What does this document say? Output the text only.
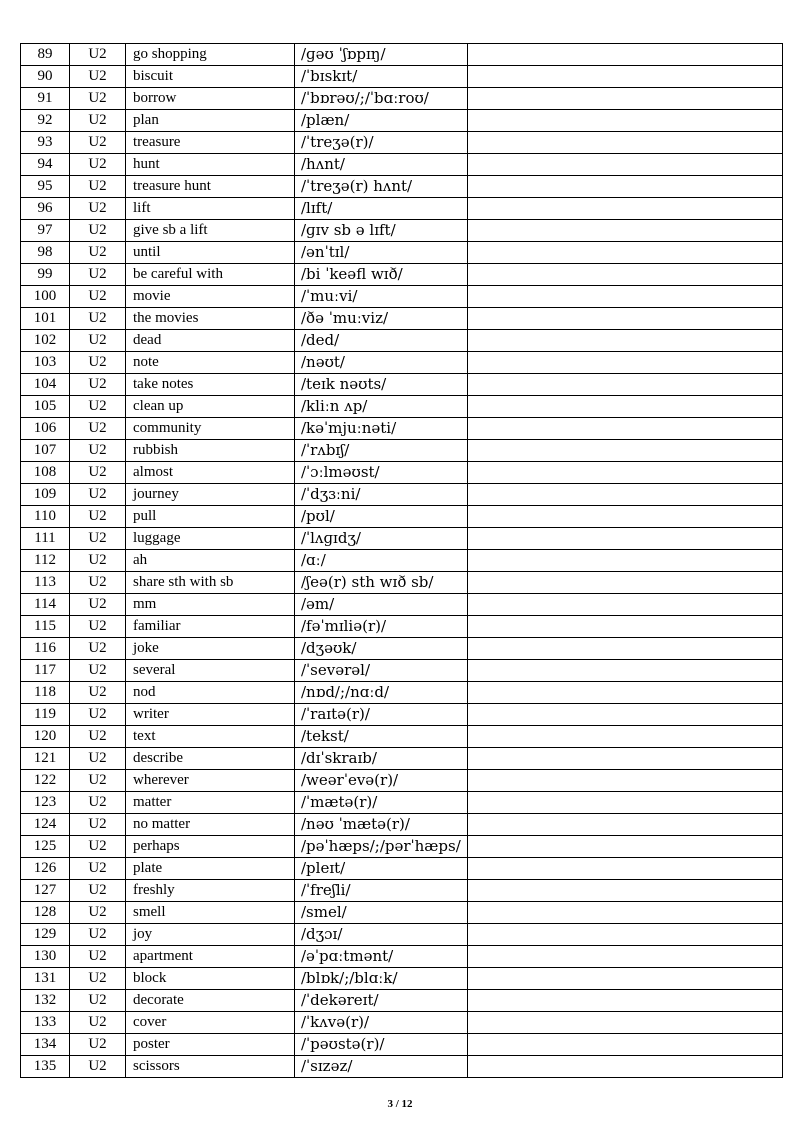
89	U2	go shopping	/ɡəʊ ˈʃɒpɪŋ/	
90	U2	biscuit	/ˈbɪskɪt/	
91	U2	borrow	/ˈbɒrəʊ/;/ˈbɑːroʊ/	
92	U2	plan	/plæn/	
93	U2	treasure	/ˈtreʒə(r)/	
94	U2	hunt	/hʌnt/	
95	U2	treasure hunt	/ˈtreʒə(r) hʌnt/	
96	U2	lift	/lɪft/	
97	U2	give sb a lift	/ɡɪv sb ə lɪft/	
98	U2	until	/ənˈtɪl/	
99	U2	be careful with	/bi ˈkeəfl wɪð/	
100	U2	movie	/ˈmuːvi/	
101	U2	the movies	/ðə ˈmuːviz/	
102	U2	dead	/ded/	
103	U2	note	/nəʊt/	
104	U2	take notes	/teɪk nəʊts/	
105	U2	clean up	/kliːn ʌp/	
106	U2	community	/kəˈmjuːnəti/	
107	U2	rubbish	/ˈrʌbɪʃ/	
108	U2	almost	/ˈɔːlməʊst/	
109	U2	journey	/ˈdʒɜːni/	
110	U2	pull	/pʊl/	
111	U2	luggage	/ˈlʌɡɪdʒ/	
112	U2	ah	/ɑː/	
113	U2	share sth with sb	/ʃeə(r) sth wɪð sb/	
114	U2	mm	/əm/	
115	U2	familiar	/fəˈmɪliə(r)/	
116	U2	joke	/dʒəʊk/	
117	U2	several	/ˈsevərəl/	
118	U2	nod	/nɒd/;/nɑːd/	
119	U2	writer	/ˈraɪtə(r)/	
120	U2	text	/tekst/	
121	U2	describe	/dɪˈskraɪb/	
122	U2	wherever	/weərˈevə(r)/	
123	U2	matter	/ˈmætə(r)/	
124	U2	no matter	/nəʊ ˈmætə(r)/	
125	U2	perhaps	/pəˈhæps/;/pərˈhæps/	
126	U2	plate	/pleɪt/	
127	U2	freshly	/ˈfreʃli/	
128	U2	smell	/smel/	
129	U2	joy	/dʒɔɪ/	
130	U2	apartment	/əˈpɑːtmənt/	
131	U2	block	/blɒk/;/blɑːk/	
132	U2	decorate	/ˈdekəreɪt/	
133	U2	cover	/ˈkʌvə(r)/	
134	U2	poster	/ˈpəʊstə(r)/	
135	U2	scissors	/ˈsɪzəz/	
3 / 12
